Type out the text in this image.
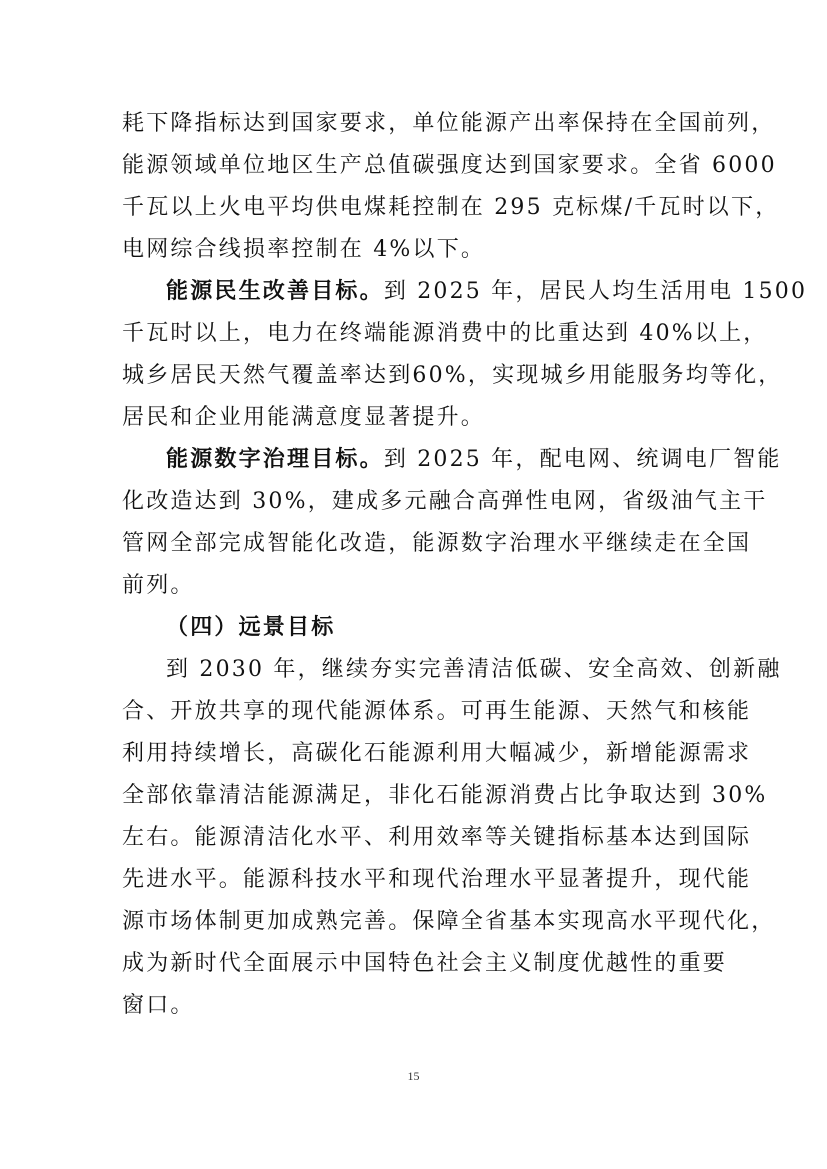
耗下降指标达到国家要求，单位能源产出率保持在全国前列，
能源领域单位地区生产总值碳强度达到国家要求。全省 6000
千瓦以上火电平均供电煤耗控制在 295 克标煤/千瓦时以下，
电网综合线损率控制在 4%以下。
能源民生改善目标。到 2025 年，居民人均生活用电 1500
千瓦时以上，电力在终端能源消费中的比重达到 40%以上，
城乡居民天然气覆盖率达到60%，实现城乡用能服务均等化，
居民和企业用能满意度显著提升。
能源数字治理目标。到 2025 年，配电网、统调电厂智能
化改造达到 30%，建成多元融合高弹性电网，省级油气主干
管网全部完成智能化改造，能源数字治理水平继续走在全国
前列。
（四）远景目标
到 2030 年，继续夯实完善清洁低碳、安全高效、创新融
合、开放共享的现代能源体系。可再生能源、天然气和核能
利用持续增长，高碳化石能源利用大幅减少，新增能源需求
全部依靠清洁能源满足，非化石能源消费占比争取达到 30%
左右。能源清洁化水平、利用效率等关键指标基本达到国际
先进水平。能源科技水平和现代治理水平显著提升，现代能
源市场体制更加成熟完善。保障全省基本实现高水平现代化，
成为新时代全面展示中国特色社会主义制度优越性的重要
窗口。
15
